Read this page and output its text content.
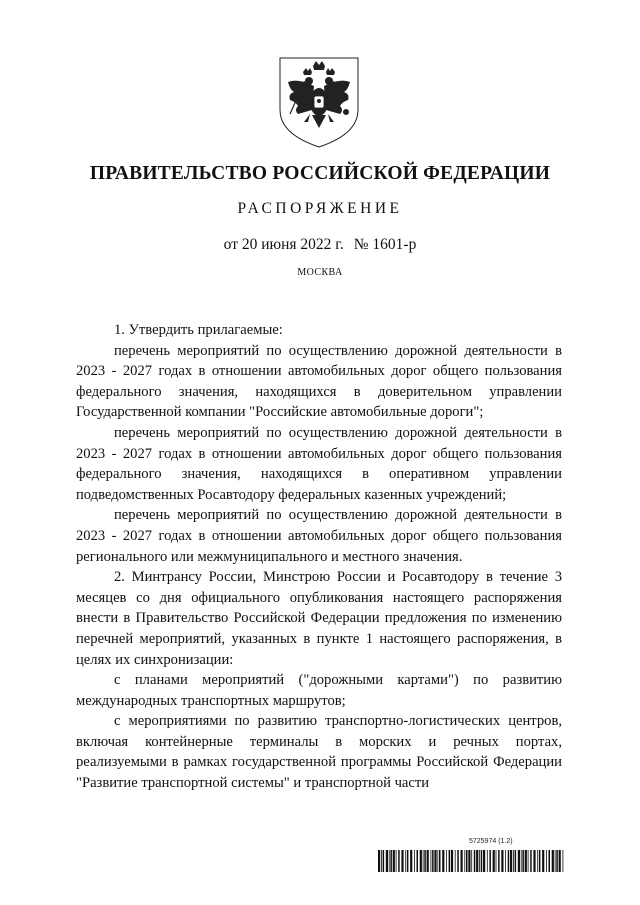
ПРАВИТЕЛЬСТВО РОССИЙСКОЙ ФЕДЕРАЦИИ
РАСПОРЯЖЕНИЕ
от 20 июня 2022 г. № 1601-р
МОСКВА

1. Утвердить прилагаемые:

перечень мероприятий по осуществлению дорожной деятельности в 2023 - 2027 годах в отношении автомобильных дорог общего пользования федерального значения, находящихся в доверительном управлении Государственной компании "Российские автомобильные дороги";

перечень мероприятий по осуществлению дорожной деятельности в 2023 - 2027 годах в отношении автомобильных дорог общего пользования федерального значения, находящихся в оперативном управлении подведомственных Росавтодору федеральных казенных учреждений;

перечень мероприятий по осуществлению дорожной деятельности в 2023 - 2027 годах в отношении автомобильных дорог общего пользования регионального или межмуниципального и местного значения.

2. Минтрансу России, Минстрою России и Росавтодору в течение 3 месяцев со дня официального опубликования настоящего распоряжения внести в Правительство Российской Федерации предложения по изменению перечней мероприятий, указанных в пункте 1 настоящего распоряжения, в целях их синхронизации:

с планами мероприятий ("дорожными картами") по развитию международных транспортных маршрутов;

с мероприятиями по развитию транспортно-логистических центров, включая контейнерные терминалы в морских и речных портах, реализуемыми в рамках государственной программы Российской Федерации "Развитие транспортной системы" и транспортной части

5725974 (1.2)
